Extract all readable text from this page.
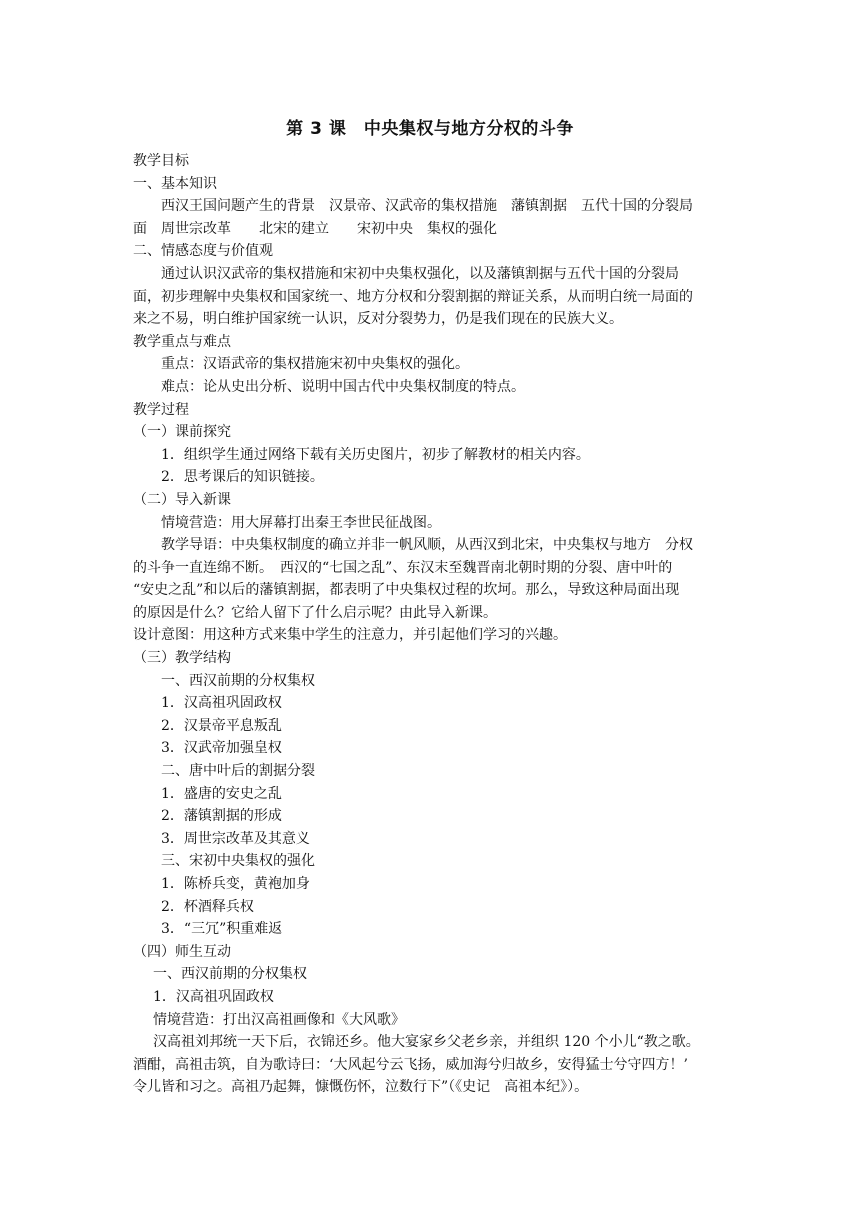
第 3 课　中央集权与地方分权的斗争
教学目标
一、基本知识
西汉王国问题产生的背景　汉景帝、汉武帝的集权措施　藩镇割据　五代十国的分裂局
面　周世宗改革　　北宋的建立　　宋初中央　集权的强化
二、情感态度与价值观
通过认识汉武帝的集权措施和宋初中央集权强化，以及藩镇割据与五代十国的分裂局
面，初步理解中央集权和国家统一、地方分权和分裂割据的辩证关系，从而明白统一局面的
来之不易，明白维护国家统一认识，反对分裂势力，仍是我们现在的民族大义。
教学重点与难点
重点：汉语武帝的集权措施宋初中央集权的强化。
难点：论从史出分析、说明中国古代中央集权制度的特点。
教学过程
（一）课前探究
1．组织学生通过网络下载有关历史图片，初步了解教材的相关内容。
2．思考课后的知识链接。
（二）导入新课
情境营造：用大屏幕打出秦王李世民征战图。
教学导语：中央集权制度的确立并非一帆风顺，从西汉到北宋，中央集权与地方　分权
的斗争一直连绵不断。　西汉的“七国之乱”、东汉末至魏晋南北朝时期的分裂、唐中叶的
“安史之乱”和以后的藩镇割据，都表明了中央集权过程的坎坷。那么，导致这种局面出现
的原因是什么？它给人留下了什么启示呢？由此导入新课。
设计意图：用这种方式来集中学生的注意力，并引起他们学习的兴趣。
（三）教学结构
一、西汉前期的分权集权
1．汉高祖巩固政权
2．汉景帝平息叛乱
3．汉武帝加强皇权
二、唐中叶后的割据分裂
1．盛唐的安史之乱
2．藩镇割据的形成
3．周世宗改革及其意义
三、宋初中央集权的强化
1．陈桥兵变，黄袍加身
2．杯酒释兵权
3．“三冗”积重难返
（四）师生互动
一、西汉前期的分权集权
1．汉高祖巩固政权
情境营造：打出汉高祖画像和《大风歌》
汉高祖刘邦统一天下后，衣锦还乡。他大宴家乡父老乡亲，并组织 120 个小儿“教之歌。
酒酣，高祖击筑，自为歌诗曰：‘大风起兮云飞扬，威加海兮归故乡，安得猛士兮守四方！’
令儿皆和习之。高祖乃起舞，慷慨伤怀，泣数行下”（《史记　高祖本纪》）。
